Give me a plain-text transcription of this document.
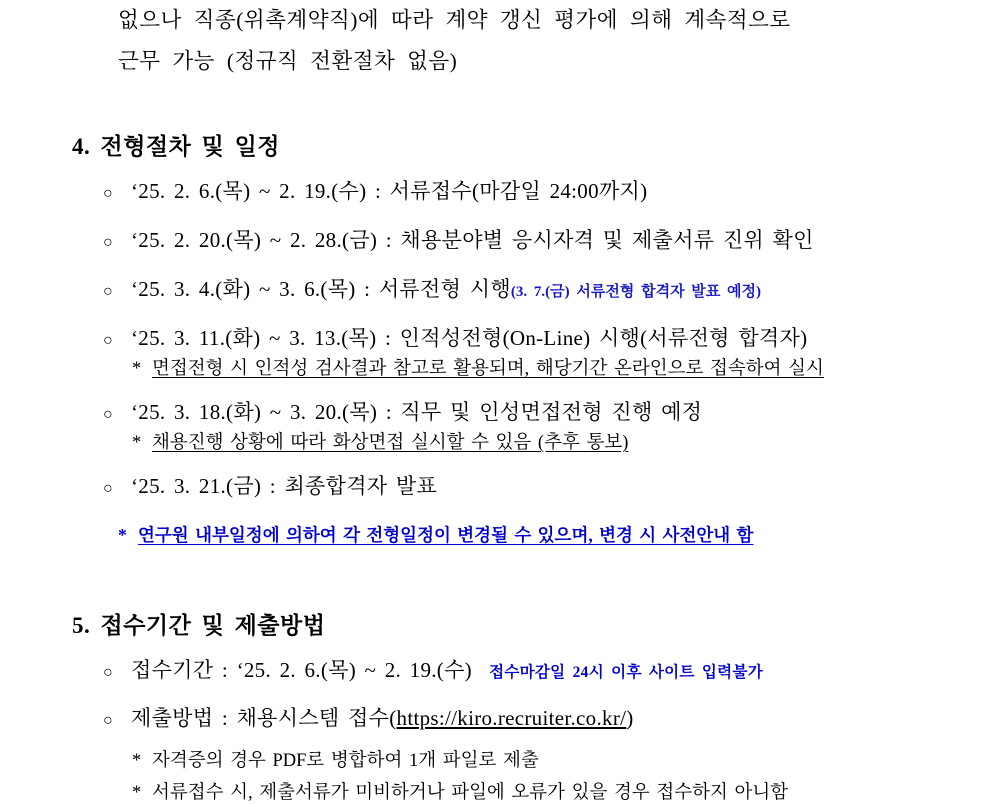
없으나 직종(위촉계약직)에 따라 계약 갱신 평가에 의해 계속적으로

근무 가능 (정규직 전환절차 없음)

4. 전형절차 및 일정
○ ‘25. 2. 6.(목) ~ 2. 19.(수) : 서류접수(마감일 24:00까지)
○ ‘25. 2. 20.(목) ~ 2. 28.(금) : 채용분야별 응시자격 및 제출서류 진위 확인
○ ‘25. 3. 4.(화) ~ 3. 6.(목) : 서류전형 시행(3. 7.(금) 서류전형 합격자 발표 예정)
○ ‘25. 3. 11.(화) ~ 3. 13.(목) : 인적성전형(On-Line) 시행(서류전형 합격자)
* 면접전형 시 인적성 검사결과 참고로 활용되며, 해당기간 온라인으로 접속하여 실시
○ ‘25. 3. 18.(화) ~ 3. 20.(목) : 직무 및 인성면접전형 진행 예정
* 채용진행 상황에 따라 화상면접 실시할 수 있음 (추후 통보)
○ ‘25. 3. 21.(금) : 최종합격자 발표
* 연구원 내부일정에 의하여 각 전형일정이 변경될 수 있으며, 변경 시 사전안내 함
5. 접수기간 및 제출방법
○ 접수기간 : ‘25. 2. 6.(목) ~ 2. 19.(수) 접수마감일 24시 이후 사이트 입력불가
○ 제출방법 : 채용시스템 접수(https://kiro.recruiter.co.kr/)
* 자격증의 경우 PDF로 병합하여 1개 파일로 제출
* 서류접수 시, 제출서류가 미비하거나 파일에 오류가 있을 경우 접수하지 아니함
